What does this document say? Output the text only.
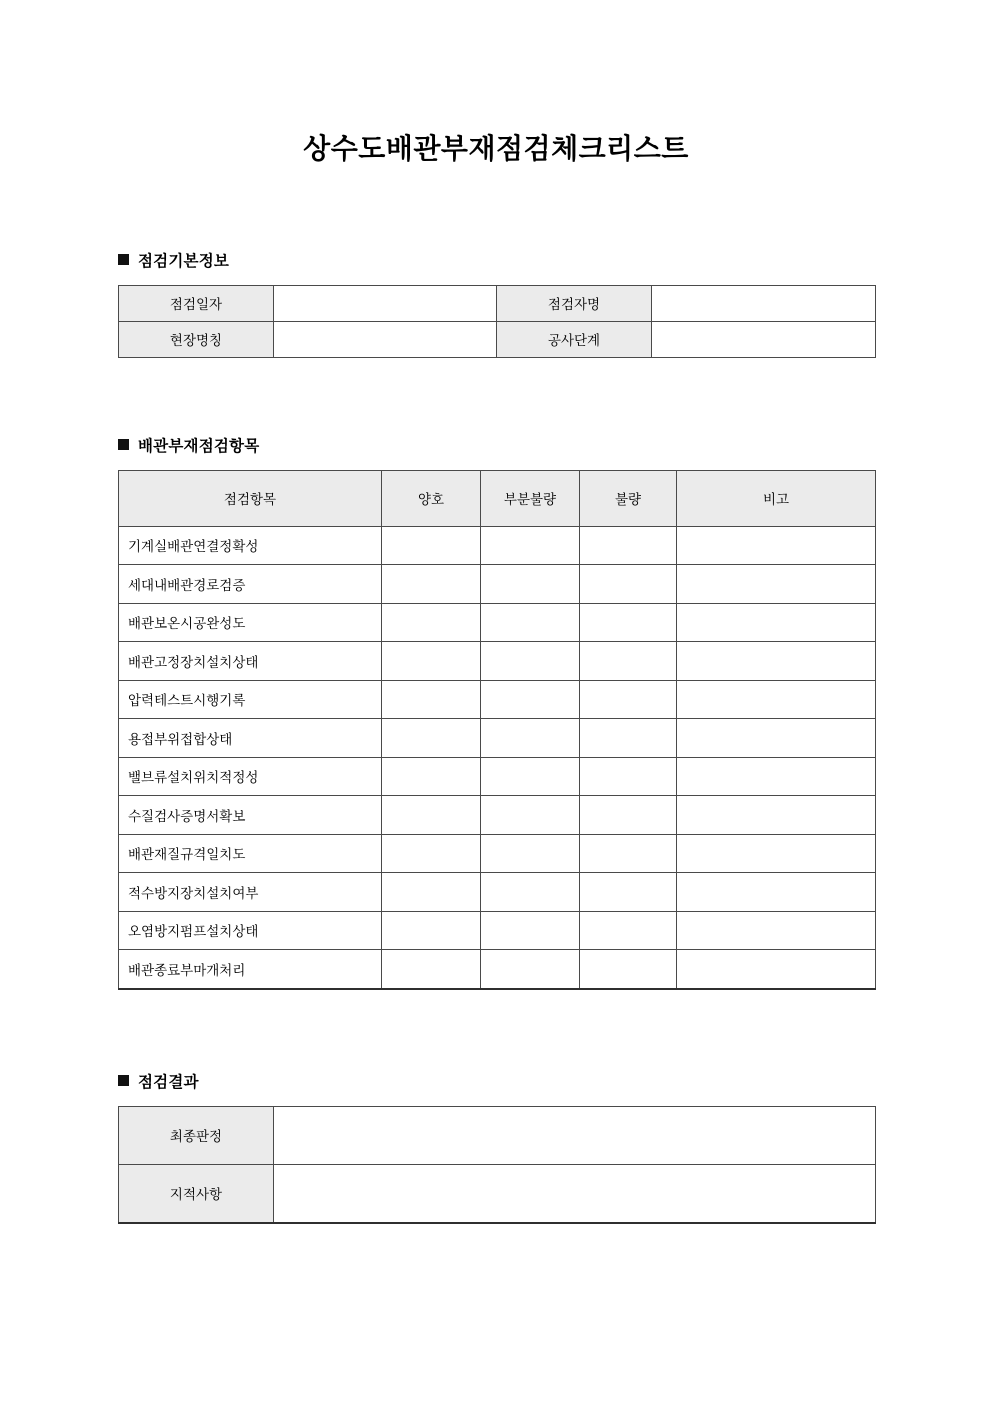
상수도배관부재점검체크리스트
점검기본정보
점검일자		점검자명	
현장명칭		공사단계	
배관부재점검항목
점검항목	양호	부분불량	불량	비고
기계실배관연결정확성				
세대내배관경로검증				
배관보온시공완성도				
배관고정장치설치상태				
압력테스트시행기록				
용접부위접합상태				
밸브류설치위치적정성				
수질검사증명서확보				
배관재질규격일치도				
적수방지장치설치여부				
오염방지펌프설치상태				
배관종료부마개처리				
점검결과
최종판정	
지적사항	
